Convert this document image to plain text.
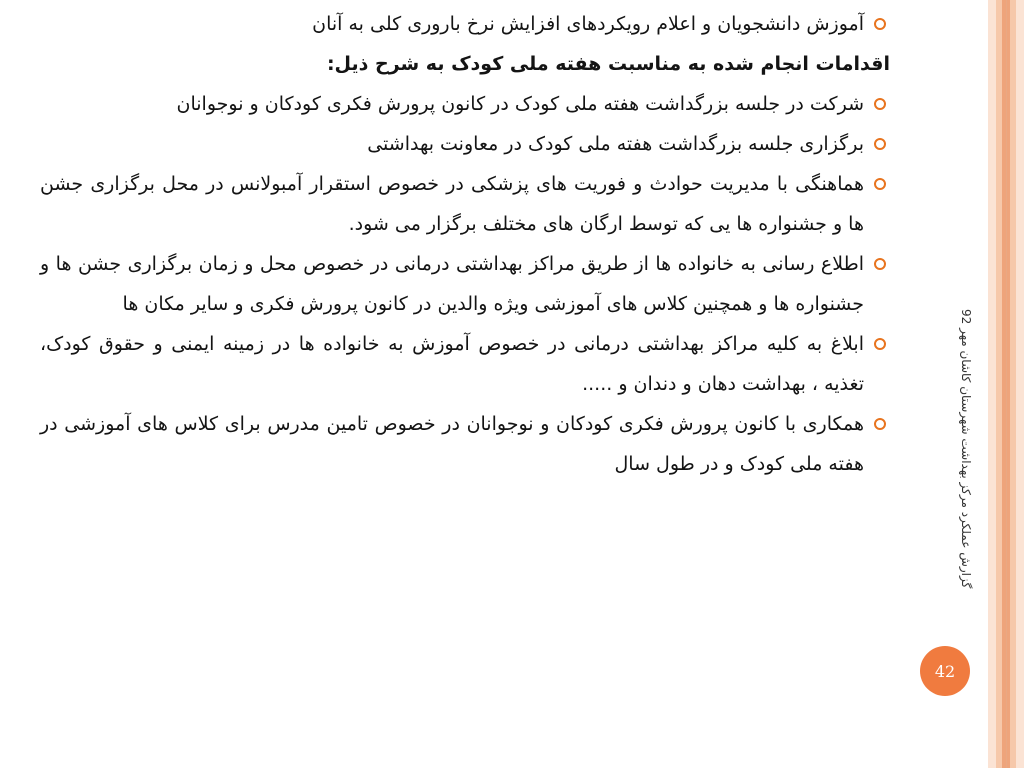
آموزش دانشجویان و اعلام رویکردهای افزایش نرخ باروری کلی به آنان

اقدامات انجام شده به مناسبت هفته ملی کودک به شرح ذیل:

شرکت در جلسه بزرگداشت هفته ملی کودک در کانون پرورش فکری کودکان و نوجوانان

برگزاری جلسه بزرگداشت هفته ملی کودک در معاونت بهداشتی

هماهنگی با مدیریت حوادث و فوریت های پزشکی در خصوص استقرار آمبولانس در محل برگزاری جشن ها و جشنواره ها یی که توسط ارگان های مختلف برگزار می شود.

اطلاع رسانی به خانواده ها از طریق مراکز بهداشتی درمانی در خصوص محل و زمان برگزاری جشن ها و جشنواره ها و همچنین کلاس های آموزشی ویژه والدین در کانون پرورش فکری و سایر مکان ها

ابلاغ به کلیه مراکز بهداشتی درمانی در خصوص آموزش به خانواده ها در زمینه ایمنی و حقوق کودک، تغذیه ، بهداشت دهان و دندان و .....

همکاری با کانون پرورش فکری کودکان و نوجوانان در خصوص تامین مدرس برای کلاس های آموزشی در هفته ملی کودک و در طول سال

گزارش عملکرد مرکز بهداشت شهرستان کاشان مهر 92
42
